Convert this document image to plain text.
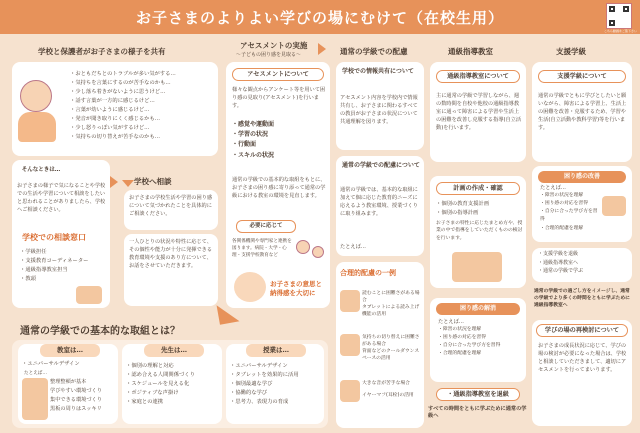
お子さまのよりよい学びの場にむけて（在校生用）
こちら動画をご覧下さい
学校と保護者がお子さまの様子を共有
アセスメントの実施
～子どもの困り感を見取る～	通常の学級での配慮	通級指導教室	支援学級
・ おともだちとのトラブルが多い気がする…
・ 気持ちを言葉にするのが苦手なのかも…
・ 少し落ち着きがないように思うけど…
・ 話す言葉が一方的に感じるけど…
・ 言葉が幼いように感じるけど…
・ 発音が聞き取りにくく感じるかも…
・ 少し怒りっぽい気がするけど…
・ 気持ちの切り替えが苦手なのかも…
そんなときは…
お子さまの様子で気になることや学校での生活や学習について相談をしたいと思われることがありましたら、学校へご相談ください。
学校での相談窓口
・ 学級担任
・ 支援教育コーディネーター
・ 通級指導教室担当
・ 教頭
学校へ相談
お子さまの学校生活や学習の困り感について気づかれたことを具体的にご相談ください。
一人ひとりの状況や特性に応じて、その個性や能力が十分に発揮できる教育環境や支援のあり方について、お話をさせていただきます。
アセスメントについて
様々な観点からアンケート等を用いて困り感の見取り(アセスメント)を行います。
・ 感覚や運動面
・ 学習の状況
・ 行動面
・ スキルの状況
通常の学級での基本的な取組をもとに、お子さまの困り感に寄り添って通常の学級における教室の環境を見直します。
必要に応じて
各関係機関や専門家と連携を図ります。病院・大学・心理・支援学校教育など
お子さまの意思と納得感を大切に
学校での情報共有について
アセスメント内容を学校内で情報共有し、お子さまに関わるすべての教員がお子さまの状況について共通理解を図ります。
通常の学級での配慮について
通常の学級では、基本的な取組に加えて個に応じた教育的ニーズに応えるよう教室環境、授業づくりに取り組みます。
たとえば…
合理的配慮の一例
読むことに困難さがある場合
タブレットによる読み上げ機能の活用
気持ちの切り替えに困難さがある場合
背面などのクールダウンスペースの活用
大きな音が苦手な場合
イヤーマフ(耳栓)の活用
通級指導教室について
主に通常の学級で学習しながら、週の数時間を自校や他校の通級指導教室に通って障害による学習や生活上の困難を改善し克服する指導(自立活動)を行います。
計画の作成・確認
・ 個別の教育支援計画
・ 個別の指導計画
お子さまの特性に応じたまとめ方や、授業の中で指導をしていただくものの検討を行います。
困り感の解消
たとえば…
・ 障害の状況を理解
・ 困り感の対応を習得
・ 自分に合った学び方を習得
・ 合理的配慮を理解
・通級指導教室を退級
すべての時間をともに学ぶために通常の学級へ
支援学級について
通常の学級でともに学びとしたいと願いながら、障害による学習上、生活上の困難を改善・克服するため、学習や生活(自立活動や教科学習)等を行います。
困り感の改善
たとえば…
・ 障害の状況を理解
・ 困り感の対応を習得
・ 自分に合った学び方を習得
・ 合理的配慮を理解
・ 支援学級を退級
・ 通級指導教室へ
・ 通常の学級で学ぶ
通常の学級での過ごし方をイメージし、通常の学級でより多くの時間をともに学ぶために通級指導教室へ
学びの場の再検討について
お子さまの成長状況に応じて、学びの場の検討が必要になった場合は、学校と相談していただきまして、適切にアセスメントを行ってまいります。
通常の学級での基本的な取組とは？
教室は…
・ ユニバーサルデザイン
たとえば…
整理整頓が基本
学びやすい環境づくり
集中できる環境づくり
黒板の周りはスッキリ
先生は…
・ 個別の理解と対応
・ 認め合える人間関係づくり
・ スケジュールを見える化
・ ポジティブな声掛け
・ 家庭との連携
授業は…
・ ユニバーサルデザイン
・ タブレットを効果的に活用
・ 個別最適な学び
・ 協働的な学び
・ 思考力、表現力の育成
